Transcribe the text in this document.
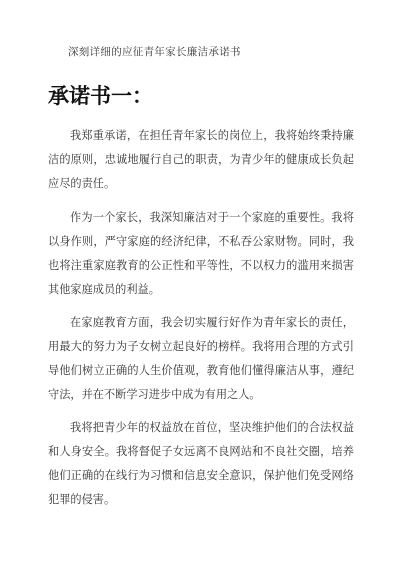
深刻详细的应征青年家长廉洁承诺书
承诺书一：

我郑重承诺，在担任青年家长的岗位上，我将始终秉持廉洁的原则，忠诚地履行自己的职责，为青少年的健康成长负起应尽的责任。

作为一个家长，我深知廉洁对于一个家庭的重要性。我将以身作则，严守家庭的经济纪律，不私吞公家财物。同时，我也将注重家庭教育的公正性和平等性，不以权力的滥用来损害其他家庭成员的利益。

在家庭教育方面，我会切实履行好作为青年家长的责任，用最大的努力为子女树立起良好的榜样。我将用合理的方式引导他们树立正确的人生价值观，教育他们懂得廉洁从事，遵纪守法，并在不断学习进步中成为有用之人。

我将把青少年的权益放在首位，坚决维护他们的合法权益和人身安全。我将督促子女远离不良网站和不良社交圈，培养他们正确的在线行为习惯和信息安全意识，保护他们免受网络犯罪的侵害。
